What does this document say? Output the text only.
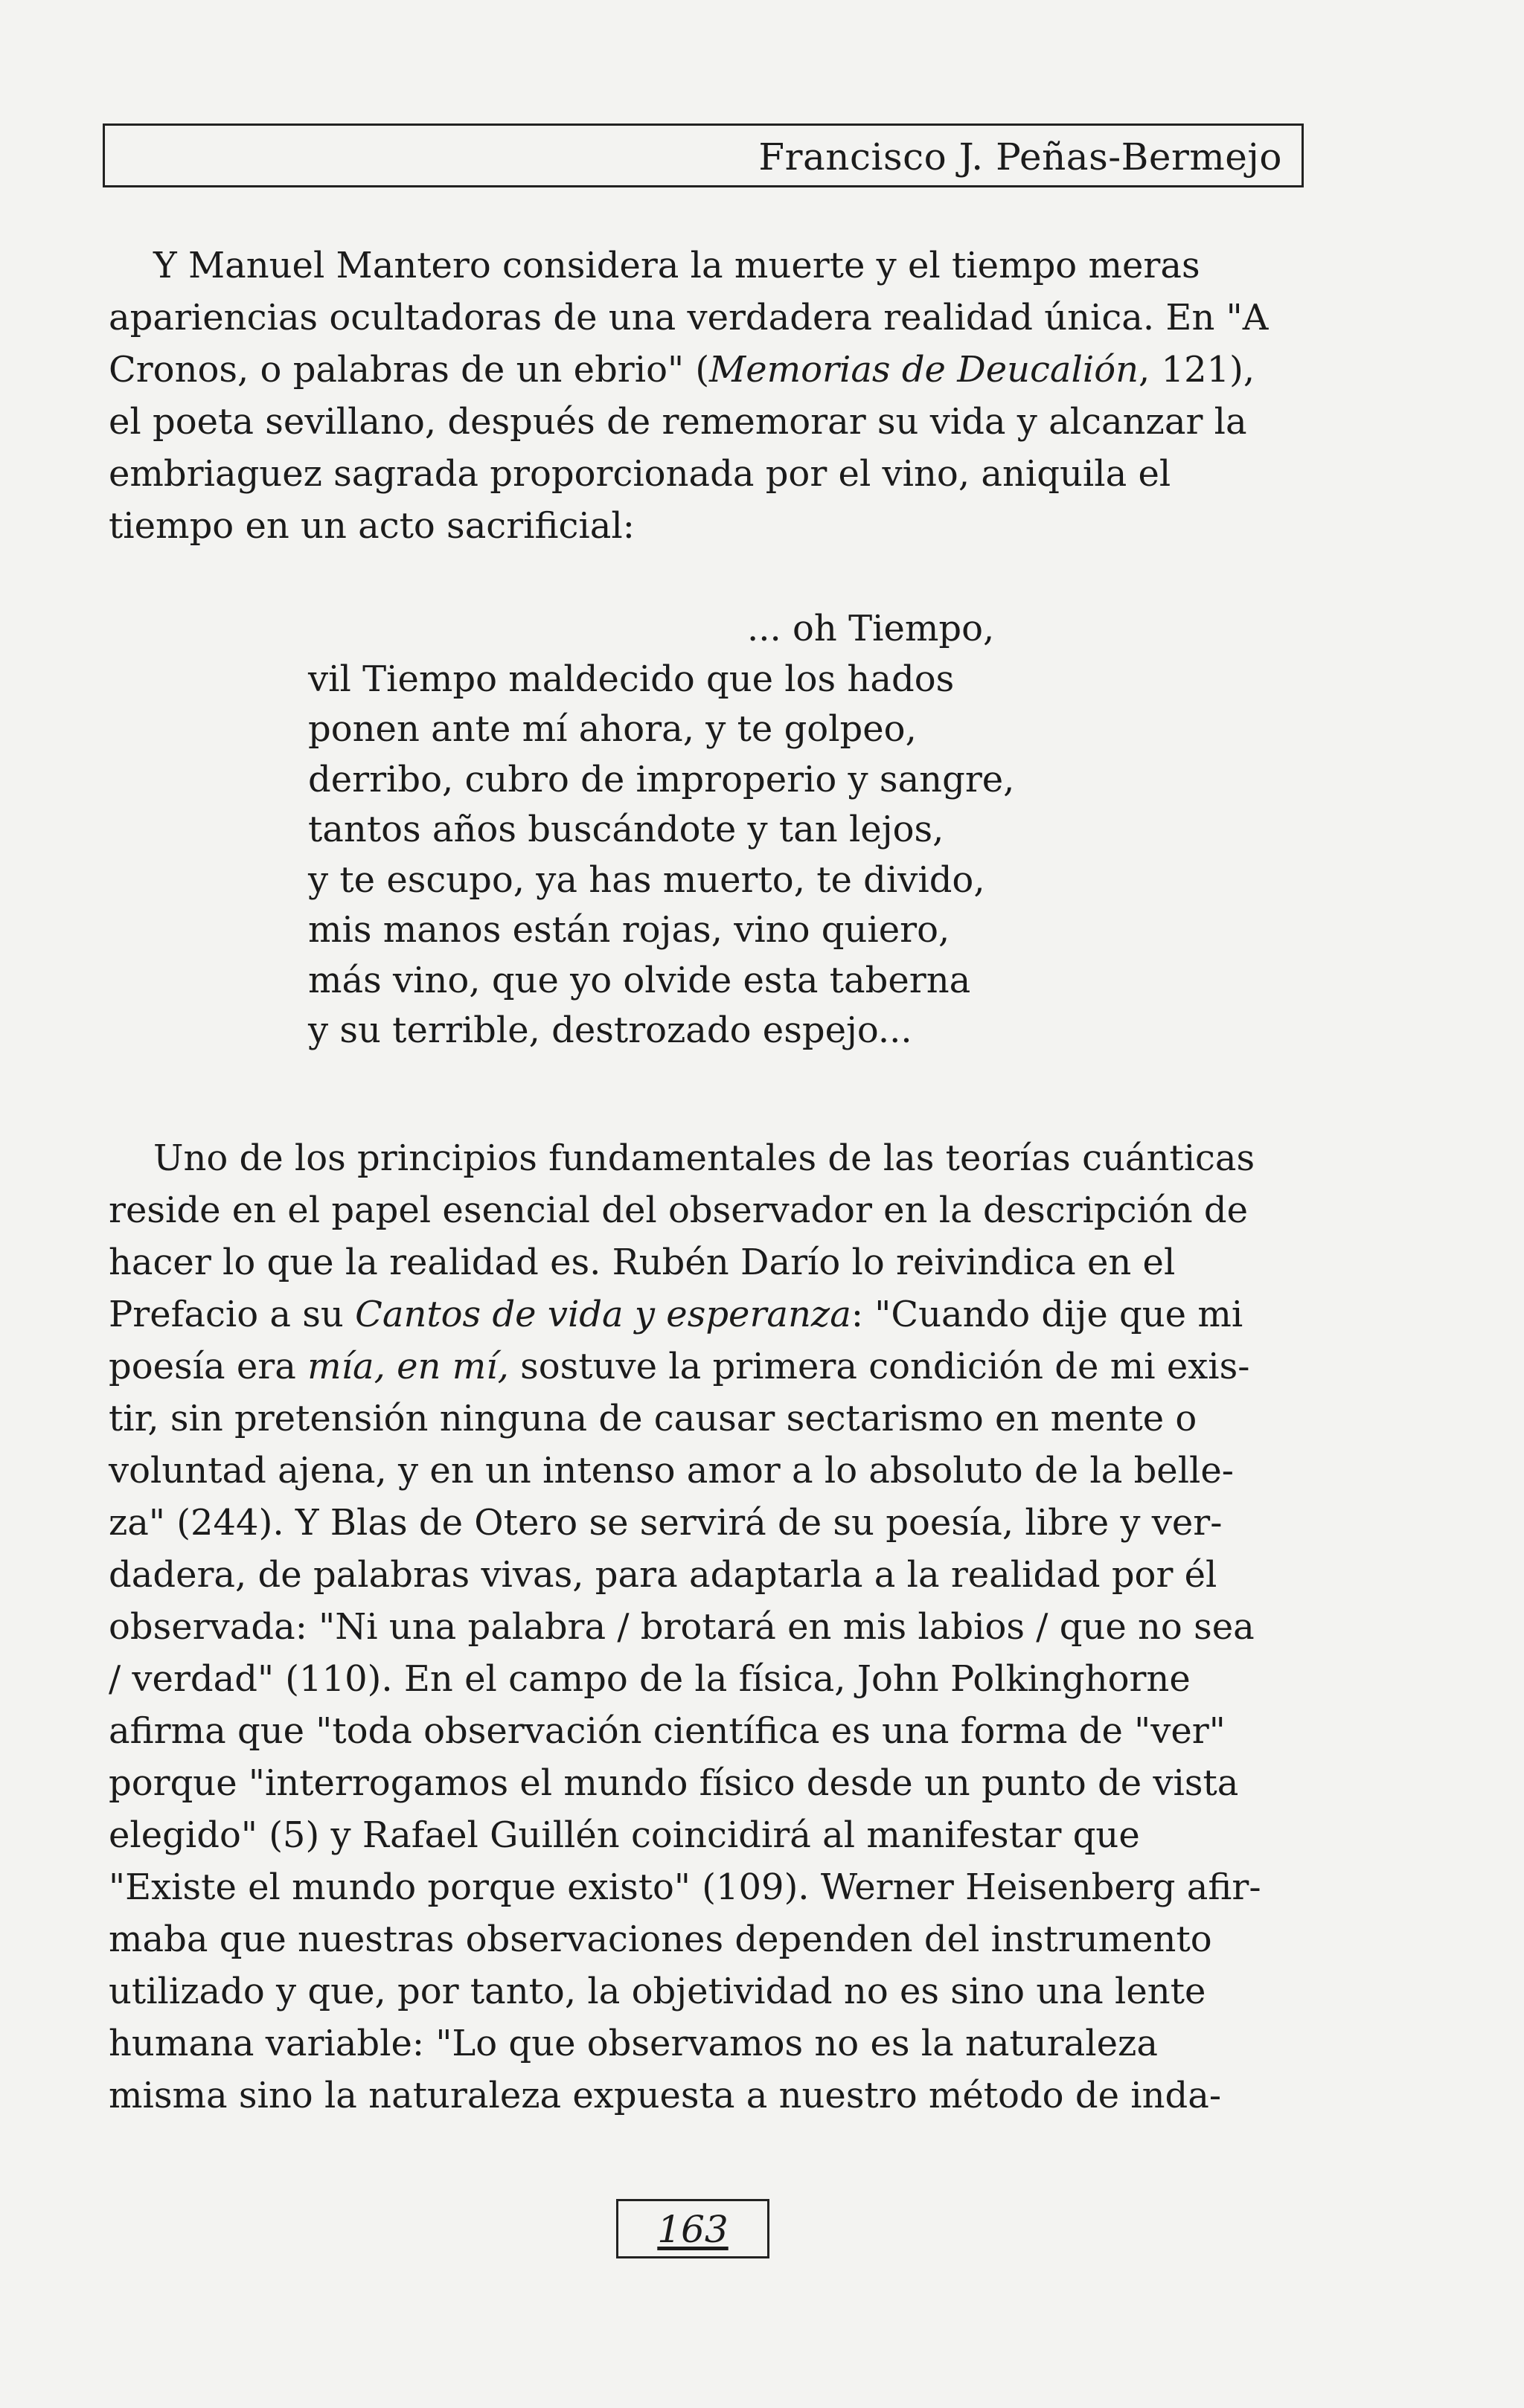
Francisco J. Peñas-Bermejo
Y Manuel Mantero considera la muerte y el tiempo meras
apariencias ocultadoras de una verdadera realidad única. En "A
Cronos, o palabras de un ebrio" (Memorias de Deucalión, 121),
el poeta sevillano, después de rememorar su vida y alcanzar la
embriaguez sagrada proporcionada por el vino, aniquila el
tiempo en un acto sacrificial:
... oh Tiempo,
vil Tiempo maldecido que los hados
ponen ante mí ahora, y te golpeo,
derribo, cubro de improperio y sangre,
tantos años buscándote y tan lejos,
y te escupo, ya has muerto, te divido,
mis manos están rojas, vino quiero,
más vino, que yo olvide esta taberna
y su terrible, destrozado espejo...
Uno de los principios fundamentales de las teorías cuánticas
reside en el papel esencial del observador en la descripción de
hacer lo que la realidad es. Rubén Darío lo reivindica en el
Prefacio a su Cantos de vida y esperanza: "Cuando dije que mi
poesía era mía, en mí, sostuve la primera condición de mi exis-
tir, sin pretensión ninguna de causar sectarismo en mente o
voluntad ajena, y en un intenso amor a lo absoluto de la belle-
za" (244). Y Blas de Otero se servirá de su poesía, libre y ver-
dadera, de palabras vivas, para adaptarla a la realidad por él
observada: "Ni una palabra / brotará en mis labios / que no sea
/ verdad" (110). En el campo de la física, John Polkinghorne
afirma que "toda observación científica es una forma de "ver"
porque "interrogamos el mundo físico desde un punto de vista
elegido" (5) y Rafael Guillén coincidirá al manifestar que
"Existe el mundo porque existo" (109). Werner Heisenberg afir-
maba que nuestras observaciones dependen del instrumento
utilizado y que, por tanto, la objetividad no es sino una lente
humana variable: "Lo que observamos no es la naturaleza
misma sino la naturaleza expuesta a nuestro método de inda-
163
